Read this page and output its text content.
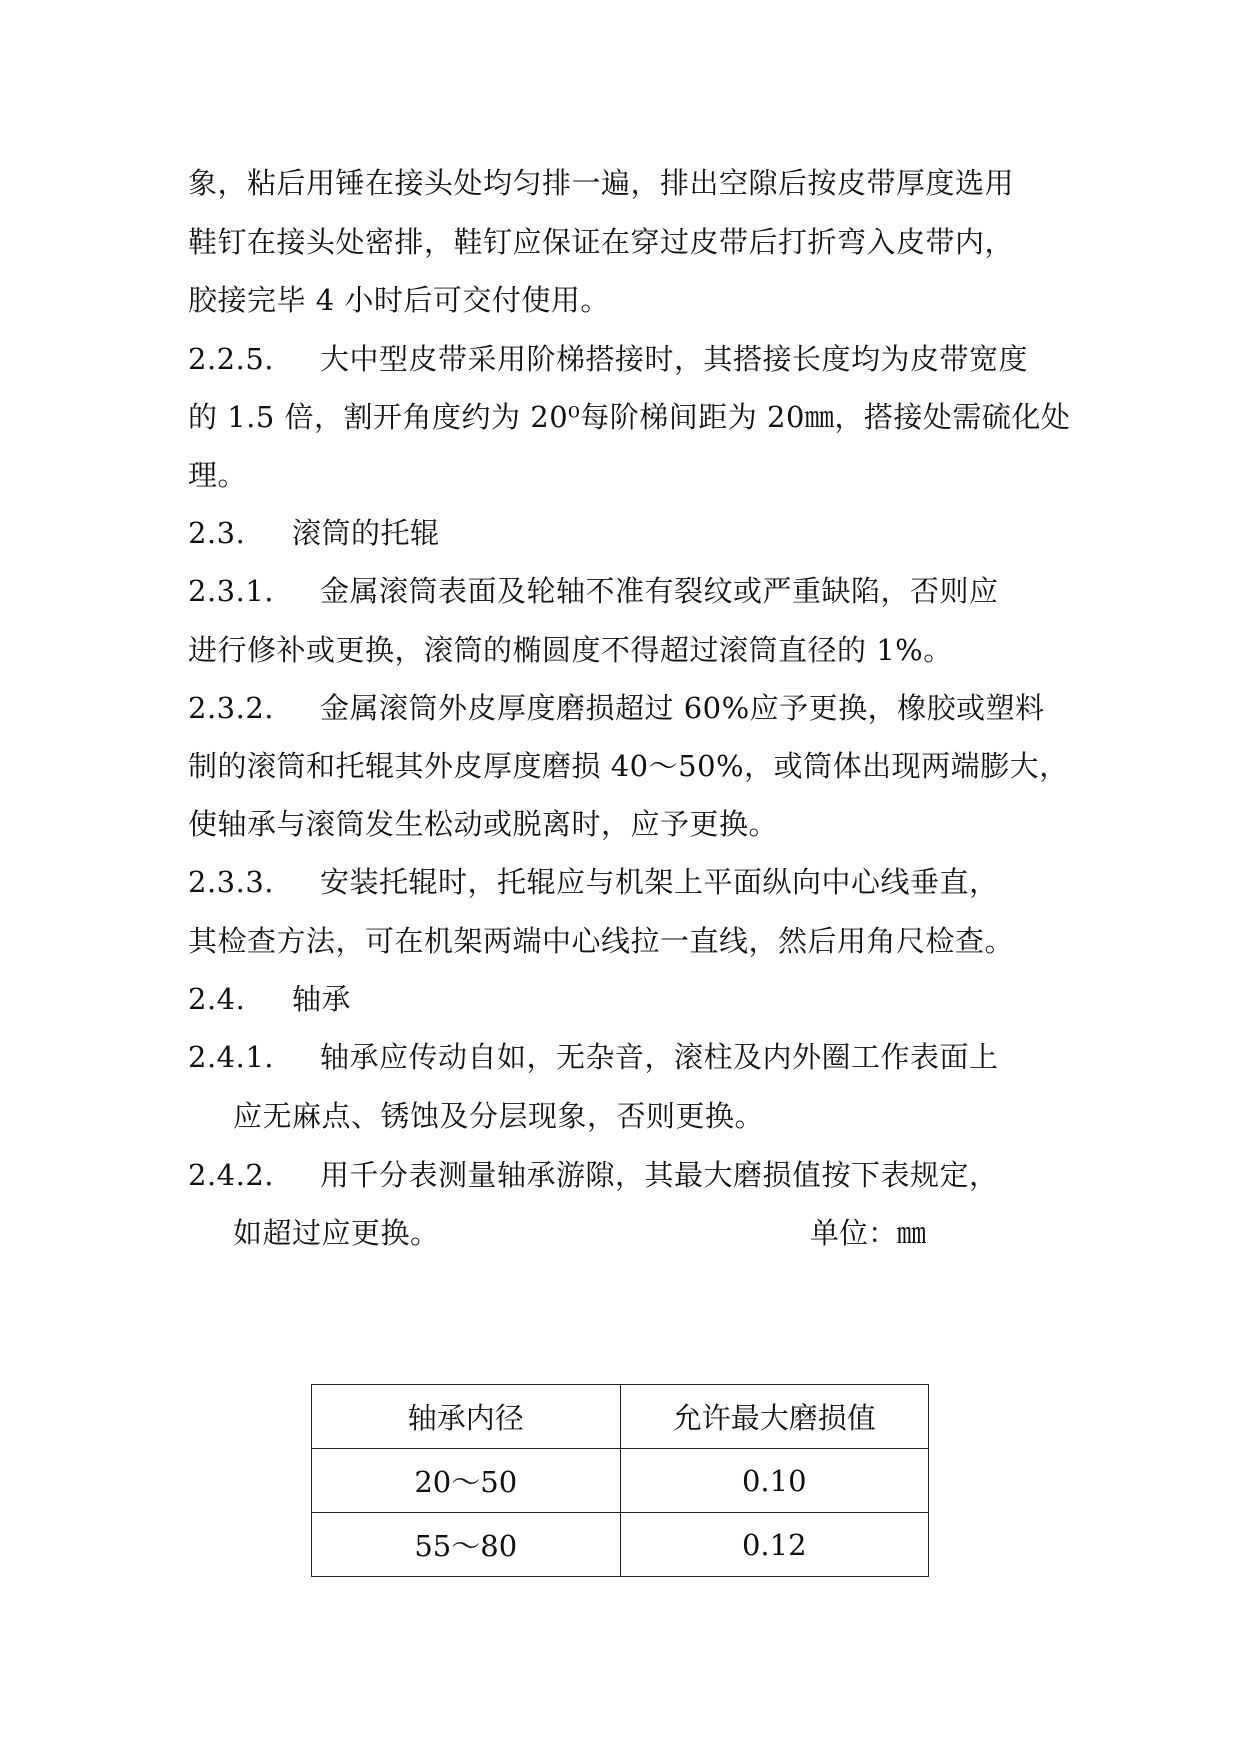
象，粘后用锤在接头处均匀排一遍，排出空隙后按皮带厚度选用
鞋钉在接头处密排，鞋钉应保证在穿过皮带后打折弯入皮带内，
胶接完毕 4 小时后可交付使用。
2.2.5. 大中型皮带采用阶梯搭接时，其搭接长度均为皮带宽度
的 1.5 倍，割开角度约为 20⁰每阶梯间距为 20㎜，搭接处需硫化处
理。
2.3. 滚筒的托辊
2.3.1. 金属滚筒表面及轮轴不准有裂纹或严重缺陷，否则应
进行修补或更换，滚筒的椭圆度不得超过滚筒直径的 1%。
2.3.2. 金属滚筒外皮厚度磨损超过 60%应予更换，橡胶或塑料
制的滚筒和托辊其外皮厚度磨损 40～50%，或筒体出现两端膨大，
使轴承与滚筒发生松动或脱离时，应予更换。
2.3.3. 安装托辊时，托辊应与机架上平面纵向中心线垂直，
其检查方法，可在机架两端中心线拉一直线，然后用角尺检查。
2.4. 轴承
2.4.1. 轴承应传动自如，无杂音，滚柱及内外圈工作表面上
应无麻点、锈蚀及分层现象，否则更换。
2.4.2. 用千分表测量轴承游隙，其最大磨损值按下表规定，
如超过应更换。	单位：㎜
轴承内径	允许最大磨损值
20～50	0.10
55～80	0.12
